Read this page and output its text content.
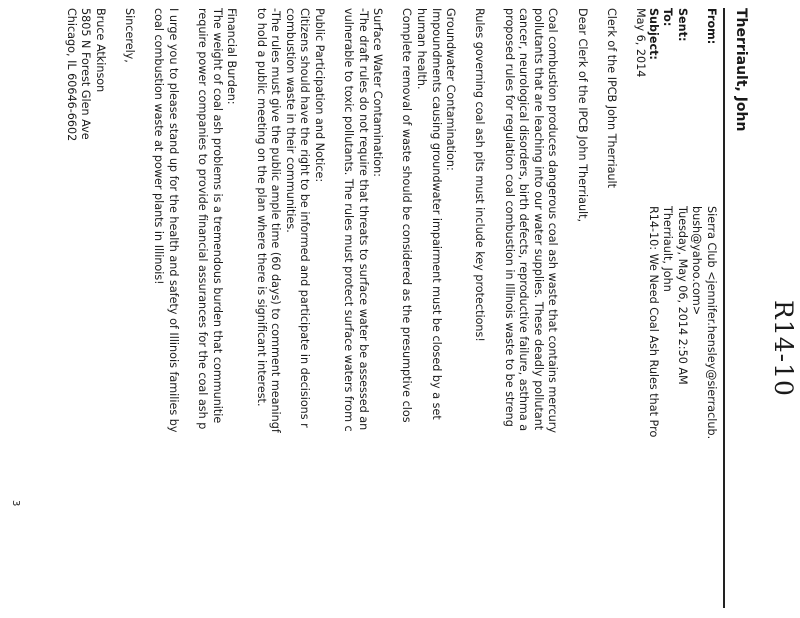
R14-10
Therriault, John
From:
Sierra Club <jennifer.hensley@sierraclub.
bush@yahoo.com>
Sent:
Tuesday, May 06, 2014 2:50 AM
To:
Therriault, John
Subject:
R14-10: We Need Coal Ash Rules that Pro
May 6, 2014
Clerk of the IPCB John Therriault
Dear Clerk of the IPCB John Therriault,
Coal combustion produces dangerous coal ash waste that contains mercury
pollutants that are leaching into our water supplies. These deadly pollutant
cancer, neurological disorders, birth defects, reproductive failure, asthma a
proposed rules for regulation coal combustion in Illinois waste to be streng
Rules governing coal ash pits must include key protections!
Groundwater Contamination:
Impoundments causing groundwater impairment must be closed by a set
human health.
Complete removal of waste should be considered as the presumptive clos
Surface Water Contamination:
-The draft rules do not require that threats to surface water be assessed an
vulnerable to toxic pollutants. The rules must protect surface waters from c
Public Participation and Notice:
Citizens should have the right to be informed and participate in decisions r
combustion waste in their communities.
-The rules must give the public ample time (60 days) to comment meaningf
to hold a public meeting on the plan where there is significant interest.
Financial Burden:
The weight of coal ash problems is a tremendous burden that communitie
require power companies to provide financial assurances for the coal ash p
I urge you to please stand up for the health and safety of Illinois families by
coal combustion waste at power plants in Illinois!
Sincerely,
Bruce Atkinson
5805 N Forest Glen Ave
Chicago, IL 60646-6602
3
